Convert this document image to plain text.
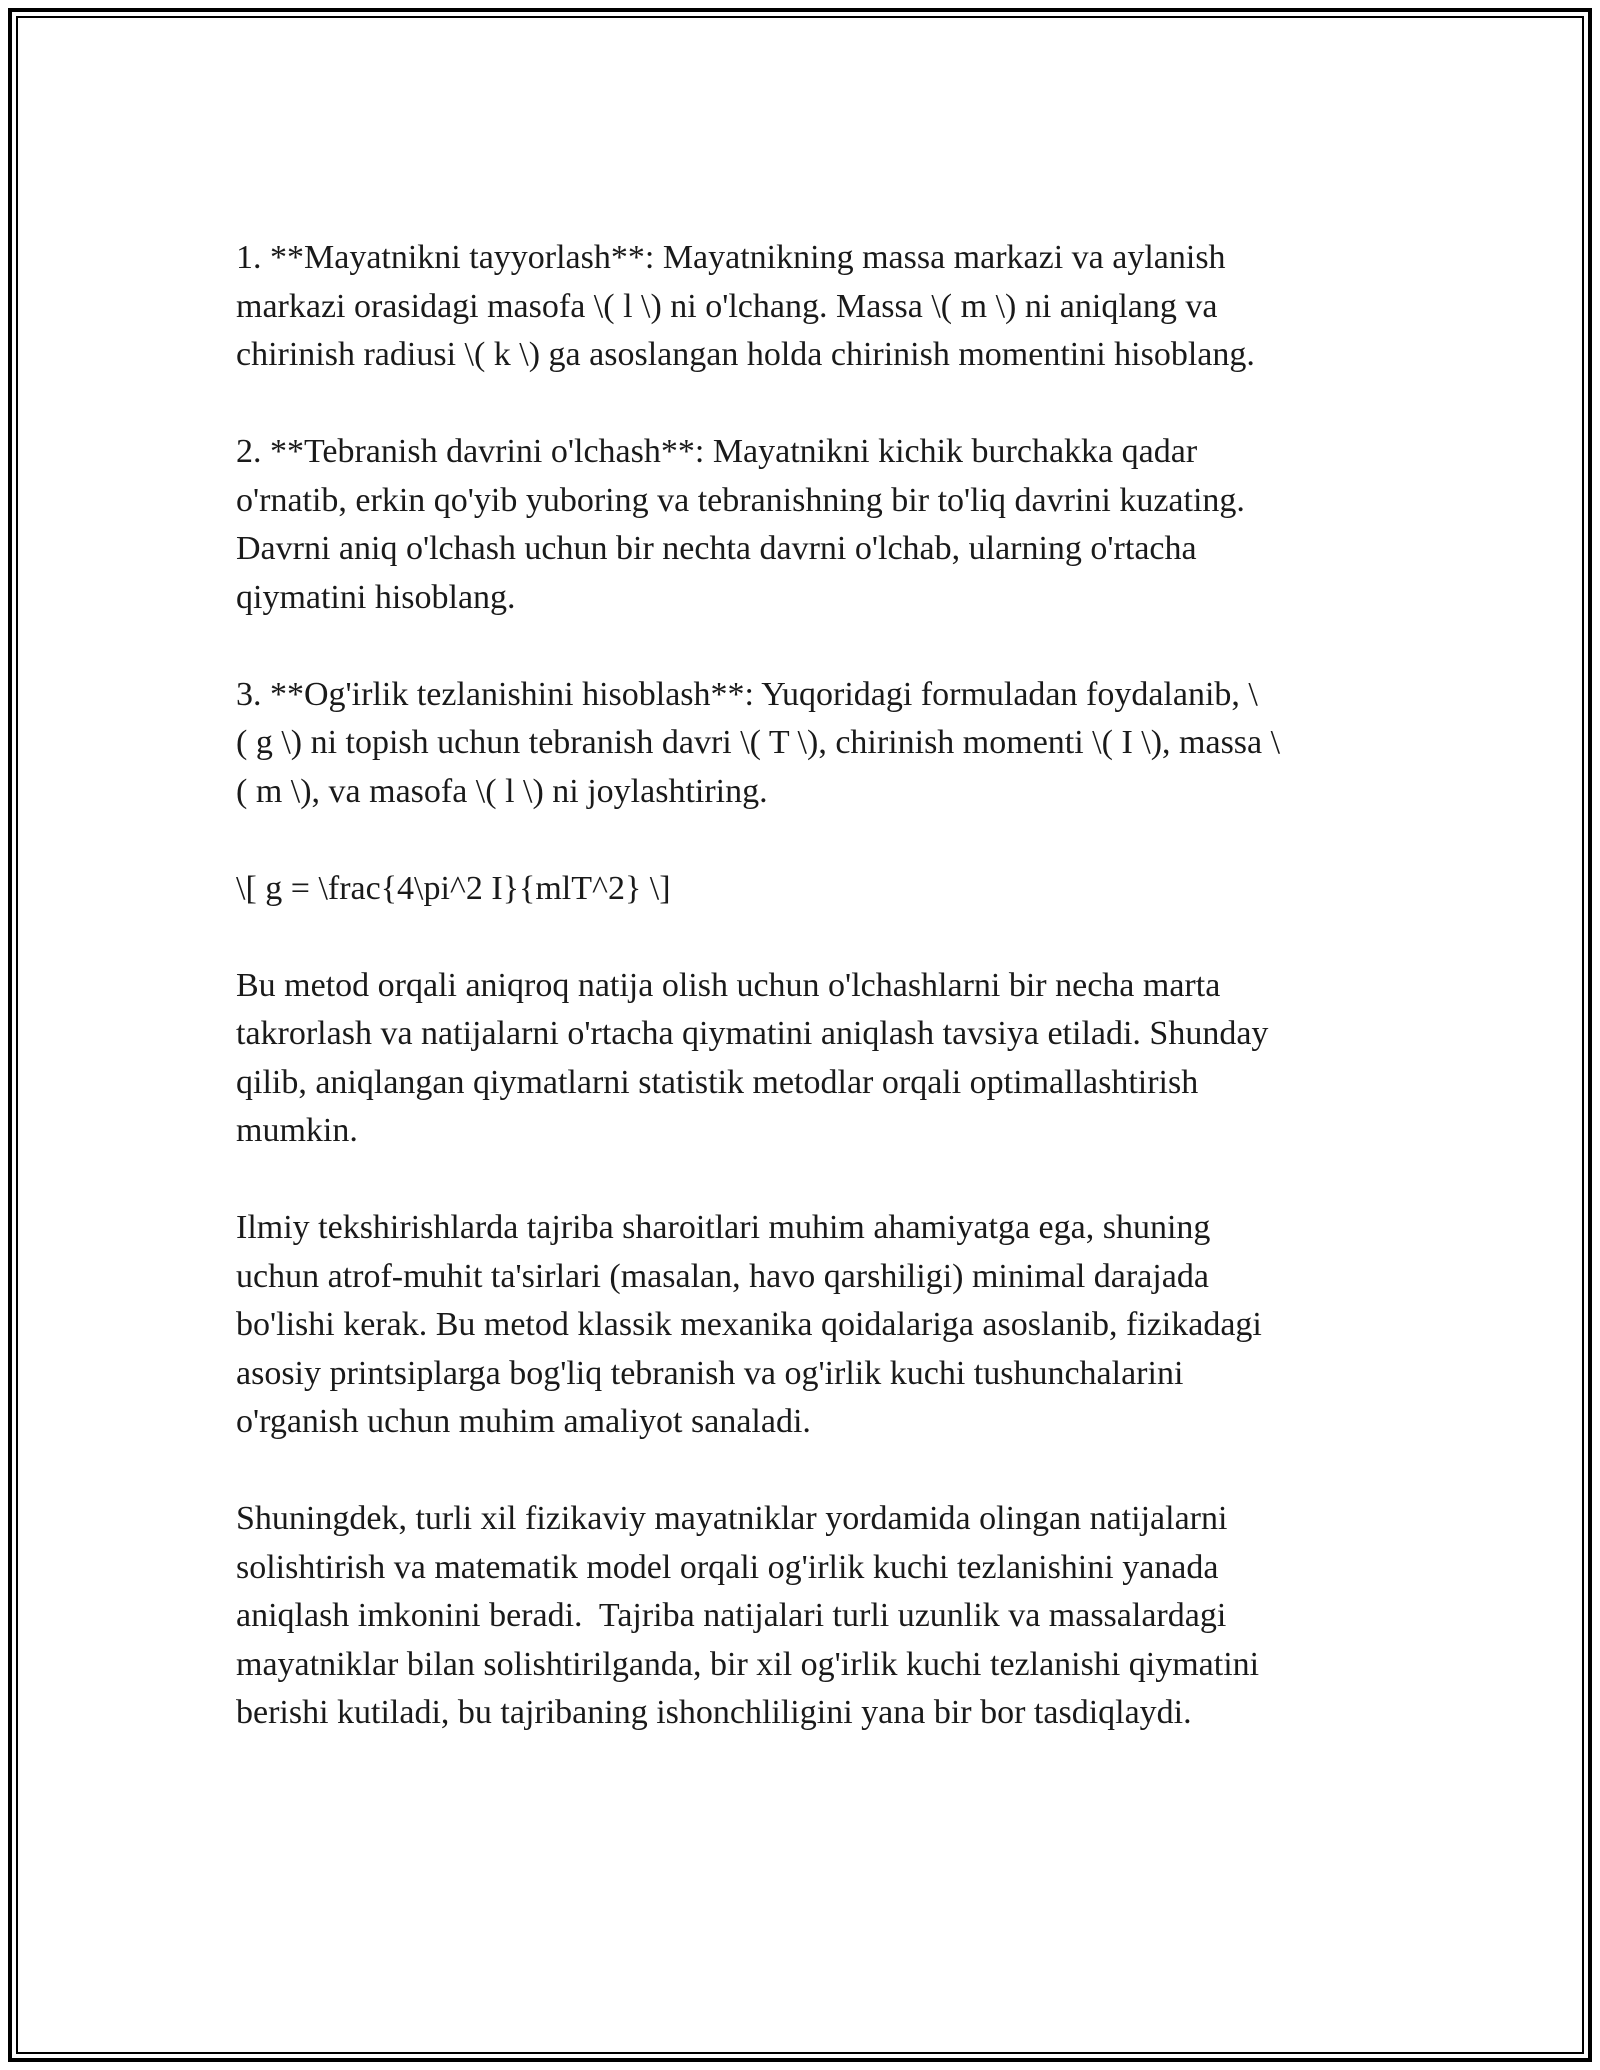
1. **Mayatnikni tayyorlash**: Mayatnikning massa markazi va aylanish
markazi orasidagi masofa \( l \) ni o'lchang. Massa \( m \) ni aniqlang va
chirinish radiusi \( k \) ga asoslangan holda chirinish momentini hisoblang.

2. **Tebranish davrini o'lchash**: Mayatnikni kichik burchakka qadar
o'rnatib, erkin qo'yib yuboring va tebranishning bir to'liq davrini kuzating.
Davrni aniq o'lchash uchun bir nechta davrni o'lchab, ularning o'rtacha
qiymatini hisoblang.

3. **Og'irlik tezlanishini hisoblash**: Yuqoridagi formuladan foydalanib, \
( g \) ni topish uchun tebranish davri \( T \), chirinish momenti \( I \), massa \
( m \), va masofa \( l \) ni joylashtiring.

\[ g = \frac{4\pi^2 I}{mlT^2} \]

Bu metod orqali aniqroq natija olish uchun o'lchashlarni bir necha marta
takrorlash va natijalarni o'rtacha qiymatini aniqlash tavsiya etiladi. Shunday
qilib, aniqlangan qiymatlarni statistik metodlar orqali optimallashtirish
mumkin.

Ilmiy tekshirishlarda tajriba sharoitlari muhim ahamiyatga ega, shuning
uchun atrof-muhit ta'sirlari (masalan, havo qarshiligi) minimal darajada
bo'lishi kerak. Bu metod klassik mexanika qoidalariga asoslanib, fizikadagi
asosiy printsiplarga bog'liq tebranish va og'irlik kuchi tushunchalarini
o'rganish uchun muhim amaliyot sanaladi.

Shuningdek, turli xil fizikaviy mayatniklar yordamida olingan natijalarni
solishtirish va matematik model orqali og'irlik kuchi tezlanishini yanada
aniqlash imkonini beradi.  Tajriba natijalari turli uzunlik va massalardagi
mayatniklar bilan solishtirilganda, bir xil og'irlik kuchi tezlanishi qiymatini
berishi kutiladi, bu tajribaning ishonchliligini yana bir bor tasdiqlaydi.
